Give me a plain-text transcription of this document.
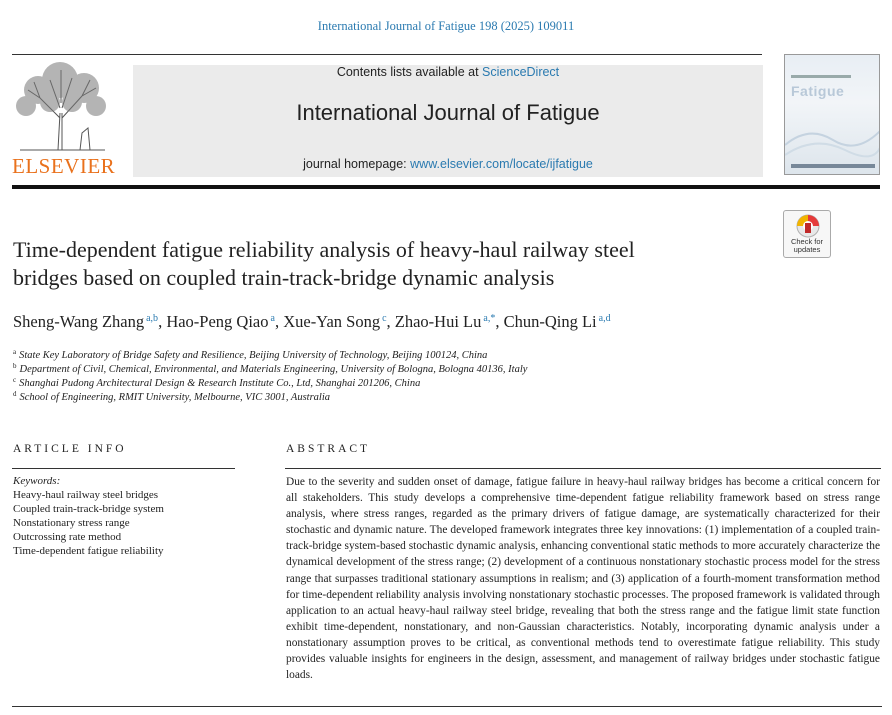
International Journal of Fatigue 198 (2025) 109011
ELSEVIER
Contents lists available at ScienceDirect
International Journal of Fatigue
journal homepage: www.elsevier.com/locate/ijfatigue
Fatigue
Check for
updates
Time-dependent fatigue reliability analysis of heavy-haul railway steel
bridges based on coupled train-track-bridge dynamic analysis
Sheng-Wang Zhang $^{a,b}$, Hao-Peng Qiao $^a$, Xue-Yan Song $^c$, Zhao-Hui Lu $^{a,*}$, Chun-Qing Li $^{a,d}$
$^a$ State Key Laboratory of Bridge Safety and Resilience, Beijing University of Technology, Beijing 100124, China
$^b$ Department of Civil, Chemical, Environmental, and Materials Engineering, University of Bologna, Bologna 40136, Italy
$^c$ Shanghai Pudong Architectural Design & Research Institute Co., Ltd, Shanghai 201206, China
$^d$ School of Engineering, RMIT University, Melbourne, VIC 3001, Australia
ARTICLE INFO
Keywords:
Heavy-haul railway steel bridges
Coupled train-track-bridge system
Nonstationary stress range
Outcrossing rate method
Time-dependent fatigue reliability
ABSTRACT
Due to the severity and sudden onset of damage, fatigue failure in heavy-haul railway bridges has become a critical concern for all stakeholders. This study develops a comprehensive time-dependent fatigue reliability framework based on stress range analysis, where stress ranges, regarded as the primary drivers of fatigue damage, are systematically characterized for their stochastic and dynamic nature. The developed framework integrates three key innovations: (1) implementation of a coupled train-track-bridge system-based stochastic dynamic analysis, enhancing conventional static methods to more accurately characterize the dynamical development of the stress range; (2) development of a continuous nonstationary stochastic process model for the stress range that surpasses traditional stationary assumptions in realism; and (3) application of a fourth-moment transformation method for time-dependent reliability analysis involving nonstationary stochastic processes. The proposed framework is validated through application to an actual heavy-haul railway steel bridge, revealing that both the stress range and the fatigue limit state function exhibit time-dependent, nonstationary, and non-Gaussian characteristics. Notably, incorporating dynamic analysis under a nonstationary assumption proves to be critical, as conventional methods tend to overestimate fatigue reliability. This study provides valuable insights for engineers in the design, assessment, and management of railway bridges under stochastic fatigue loads.
